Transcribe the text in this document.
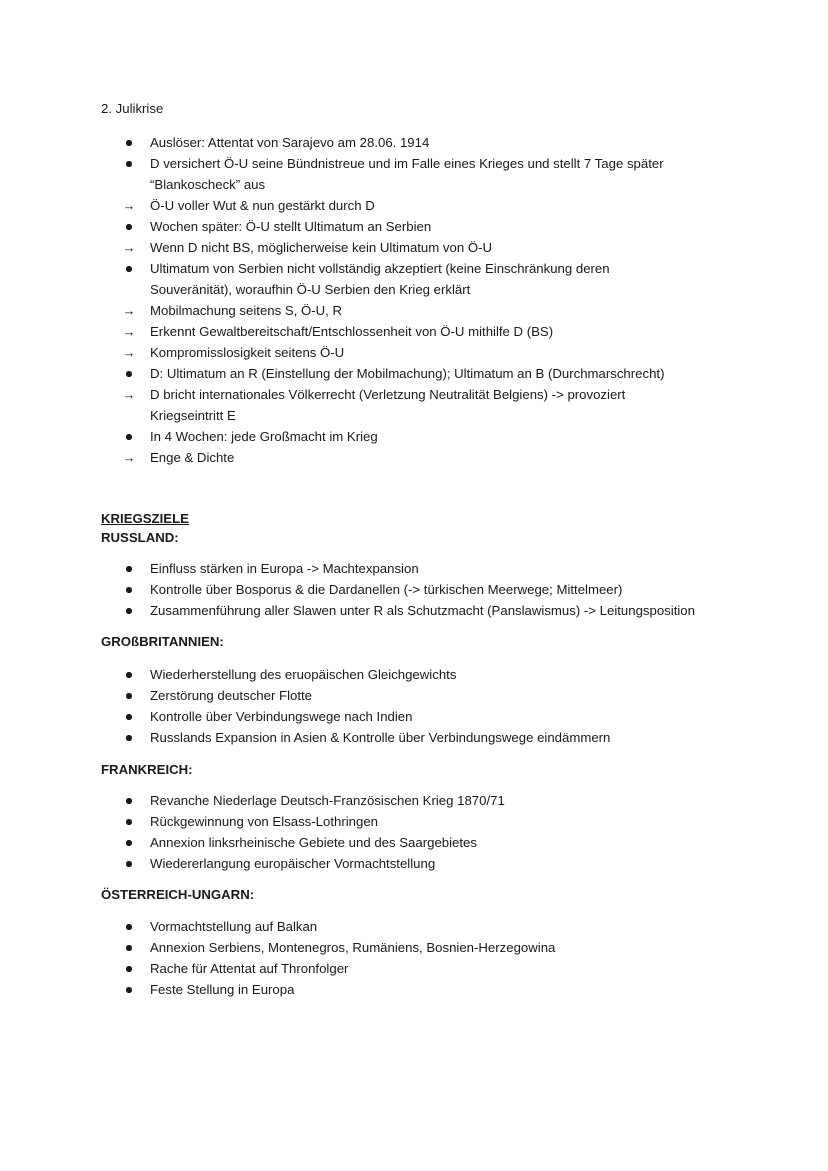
2. Julikrise
Auslöser: Attentat von Sarajevo am 28.06. 1914
D versichert Ö-U seine Bündnistreue und im Falle eines Krieges und stellt 7 Tage später
“Blankoscheck” aus
→ Ö-U voller Wut & nun gestärkt durch D
Wochen später: Ö-U stellt Ultimatum an Serbien
→ Wenn D nicht BS, möglicherweise kein Ultimatum von Ö-U
Ultimatum von Serbien nicht vollständig akzeptiert (keine Einschränkung deren
Souveränität), woraufhin Ö-U Serbien den Krieg erklärt
→ Mobilmachung seitens S, Ö-U, R
→ Erkennt Gewaltbereitschaft/Entschlossenheit von Ö-U mithilfe D (BS)
→ Kompromisslosigkeit seitens Ö-U
D: Ultimatum an R (Einstellung der Mobilmachung); Ultimatum an B (Durchmarschrecht)
→ D bricht internationales Völkerrecht (Verletzung Neutralität Belgiens) -> provoziert
Kriegseintritt E
In 4 Wochen: jede Großmacht im Krieg
→ Enge & Dichte
KRIEGSZIELE
RUSSLAND:
Einfluss stärken in Europa -> Machtexpansion
Kontrolle über Bosporus & die Dardanellen (-> türkischen Meerwege; Mittelmeer)
Zusammenführung aller Slawen unter R als Schutzmacht (Panslawismus) -> Leitungsposition
GROßBRITANNIEN:
Wiederherstellung des eruopäischen Gleichgewichts
Zerstörung deutscher Flotte
Kontrolle über Verbindungswege nach Indien
Russlands Expansion in Asien & Kontrolle über Verbindungswege eindämmern
FRANKREICH:
Revanche Niederlage Deutsch-Französischen Krieg 1870/71
Rückgewinnung von Elsass-Lothringen
Annexion linksrheinische Gebiete und des Saargebietes
Wiedererlangung europäischer Vormachtstellung
ÖSTERREICH-UNGARN:
Vormachtstellung auf Balkan
Annexion Serbiens, Montenegros, Rumäniens, Bosnien-Herzegowina
Rache für Attentat auf Thronfolger
Feste Stellung in Europa
